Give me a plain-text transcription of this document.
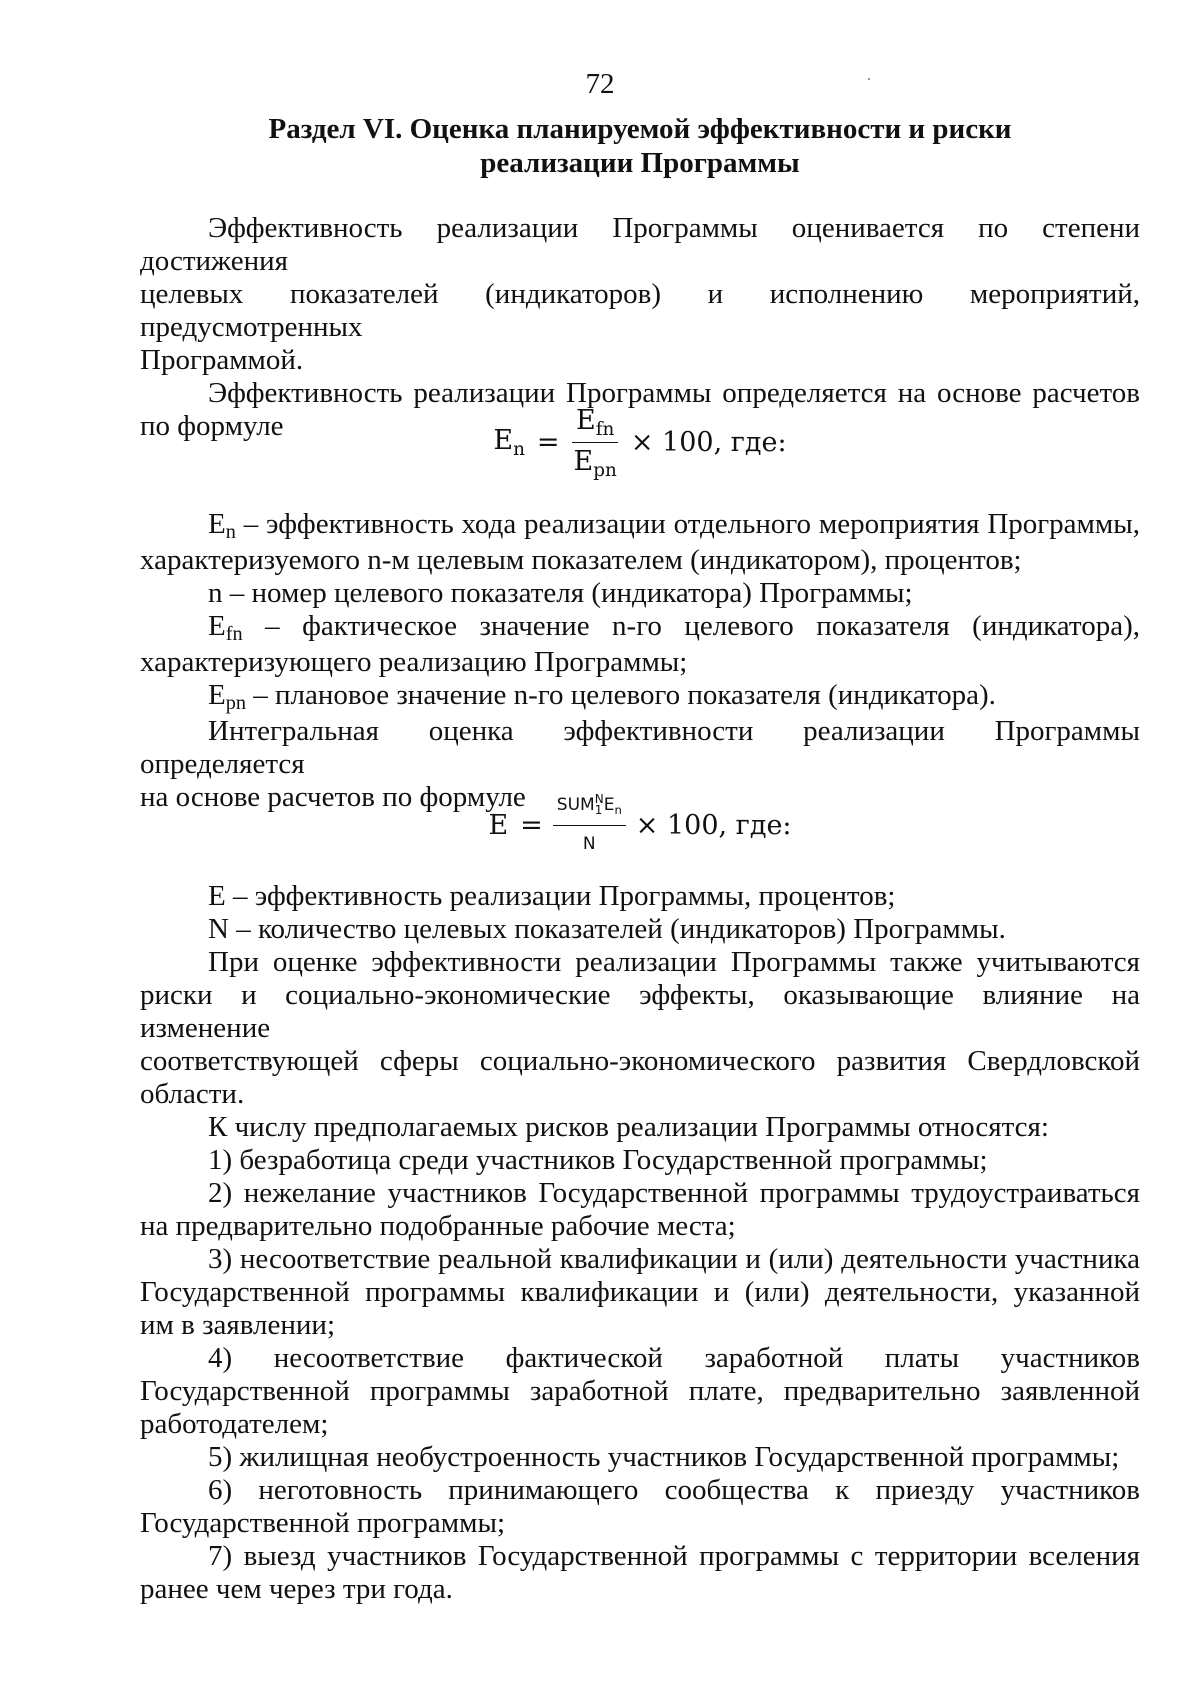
72
Раздел VI. Оценка планируемой эффективности и риски
реализации Программы

Эффективность реализации Программы оценивается по степени достижения

целевых показателей (индикаторов) и исполнению мероприятий, предусмотренных

Программой.

Эффективность реализации Программы определяется на основе расчетов

по формуле	$E_n = \frac{E_{fn}}{E_{pn}} \times 100$, где:

En – эффективность хода реализации отдельного мероприятия Программы,

характеризуемого n-м целевым показателем (индикатором), процентов;

n – номер целевого показателя (индикатора) Программы;

Efn – фактическое значение n-го целевого показателя (индикатора),

характеризующего реализацию Программы;

Epn – плановое значение n-го целевого показателя (индикатора).

Интегральная оценка эффективности реализации Программы определяется

на основе расчетов по формуле

E = SUM N
1 $E_n$
N × 100, где:

E – эффективность реализации Программы, процентов;

N – количество целевых показателей (индикаторов) Программы.

При оценке эффективности реализации Программы также учитываются

риски и социально-экономические эффекты, оказывающие влияние на изменение

соответствующей сферы социально-экономического развития Свердловской

области.

К числу предполагаемых рисков реализации Программы относятся:

1) безработица среди участников Государственной программы;

2) нежелание участников Государственной программы трудоустраиваться

на предварительно подобранные рабочие места;

3) несоответствие реальной квалификации и (или) деятельности участника

Государственной программы квалификации и (или) деятельности, указанной

им в заявлении;

4) несоответствие фактической заработной платы участников

Государственной программы заработной плате, предварительно заявленной

работодателем;

5) жилищная необустроенность участников Государственной программы;

6) неготовность принимающего сообщества к приезду участников

Государственной программы;

7) выезд участников Государственной программы с территории вселения

ранее чем через три года.
